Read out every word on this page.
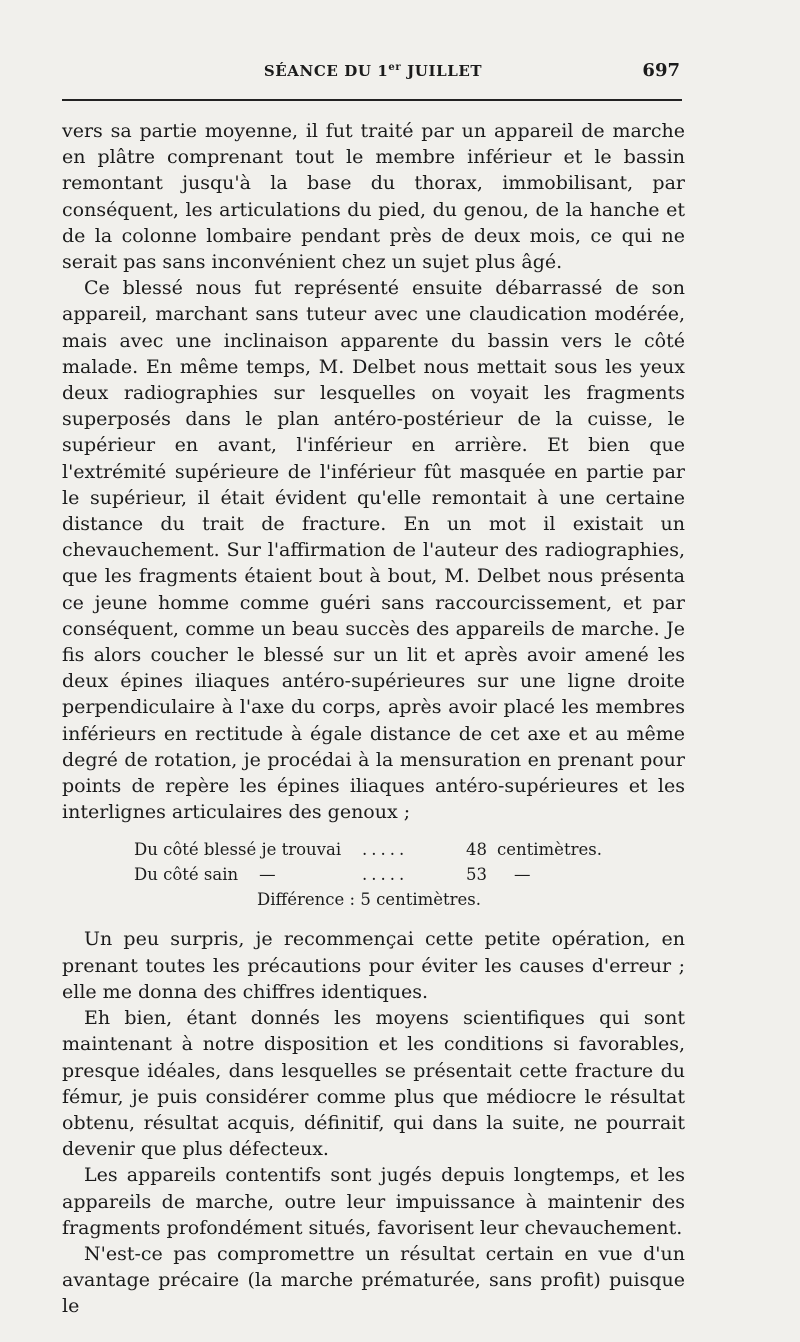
SÉANCE DU 1er JUILLET	697

vers sa partie moyenne, il fut traité par un appareil de marche en plâtre comprenant tout le membre inférieur et le bassin remontant jusqu'à la base du thorax, immobilisant, par conséquent, les articulations du pied, du genou, de la hanche et de la colonne lombaire pendant près de deux mois, ce qui ne serait pas sans inconvénient chez un sujet plus âgé.

Ce blessé nous fut représenté ensuite débarrassé de son appareil, marchant sans tuteur avec une claudication modérée, mais avec une inclinaison apparente du bassin vers le côté malade. En même temps, M. Delbet nous mettait sous les yeux deux radiographies sur lesquelles on voyait les fragments superposés dans le plan antéro-postérieur de la cuisse, le supérieur en avant, l'inférieur en arrière. Et bien que l'extrémité supérieure de l'inférieur fût masquée en partie par le supérieur, il était évident qu'elle remontait à une certaine distance du trait de fracture. En un mot il existait un chevauchement. Sur l'affirmation de l'auteur des radiographies, que les fragments étaient bout à bout, M. Delbet nous présenta ce jeune homme comme guéri sans raccourcissement, et par conséquent, comme un beau succès des appareils de marche. Je fis alors coucher le blessé sur un lit et après avoir amené les deux épines iliaques antéro-supérieures sur une ligne droite perpendiculaire à l'axe du corps, après avoir placé les membres inférieurs en rectitude à égale distance de cet axe et au même degré de rotation, je procédai à la mensuration en prenant pour points de repère les épines iliaques antéro-supérieures et les interlignes articulaires des genoux ;

Du côté blessé je trouvai .....	48 centimètres.
Du côté sain    —	.....	53 —
Différence : 5 centimètres.

Un peu surpris, je recommençai cette petite opération, en prenant toutes les précautions pour éviter les causes d'erreur ; elle me donna des chiffres identiques.

Eh bien, étant donnés les moyens scientifiques qui sont maintenant à notre disposition et les conditions si favorables, presque idéales, dans lesquelles se présentait cette fracture du fémur, je puis considérer comme plus que médiocre le résultat obtenu, résultat acquis, définitif, qui dans la suite, ne pourrait devenir que plus défecteux.

Les appareils contentifs sont jugés depuis longtemps, et les appareils de marche, outre leur impuissance à maintenir des fragments profondément situés, favorisent leur chevauchement.

N'est-ce pas compromettre un résultat certain en vue d'un avantage précaire (la marche prématurée, sans profit) puisque le
